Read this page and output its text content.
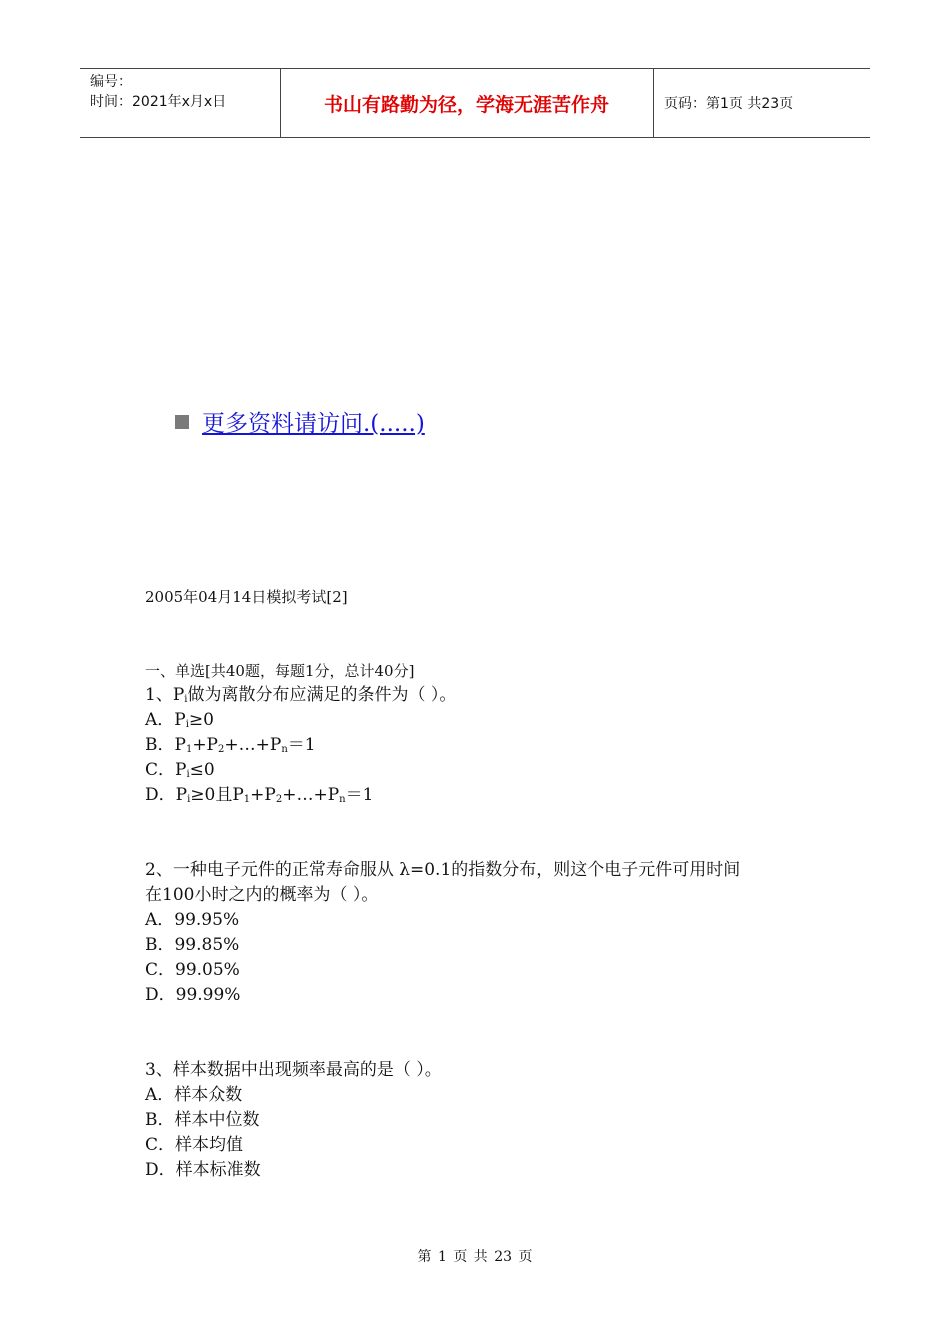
编号：
时间：2021年x月x日	书山有路勤为径，学海无涯苦作舟	页码：第1页 共23页
更多资料请访问.(.....)
2005年04月14日模拟考试[2]
一、单选[共40题，每题1分，总计40分]
1、$P_i$做为离散分布应满足的条件为（ ）。
A．$P_i\ge 0$
B．$P_1+P_2+\dots+P_n=1$
C．$P_i\le 0$
D．$P_i\ge 0$且$P_1+P_2+\dots+P_n=1$
2、一种电子元件的正常寿命服从 λ=0.1的指数分布，则这个电子元件可用时间
在100小时之内的概率为（ ）。
A．99.95%
B．99.85%
C．99.05%
D．99.99%
3、样本数据中出现频率最高的是（ ）。
A．样本众数
B．样本中位数
C．样本均值
D．样本标准数
第 1 页 共 23 页
